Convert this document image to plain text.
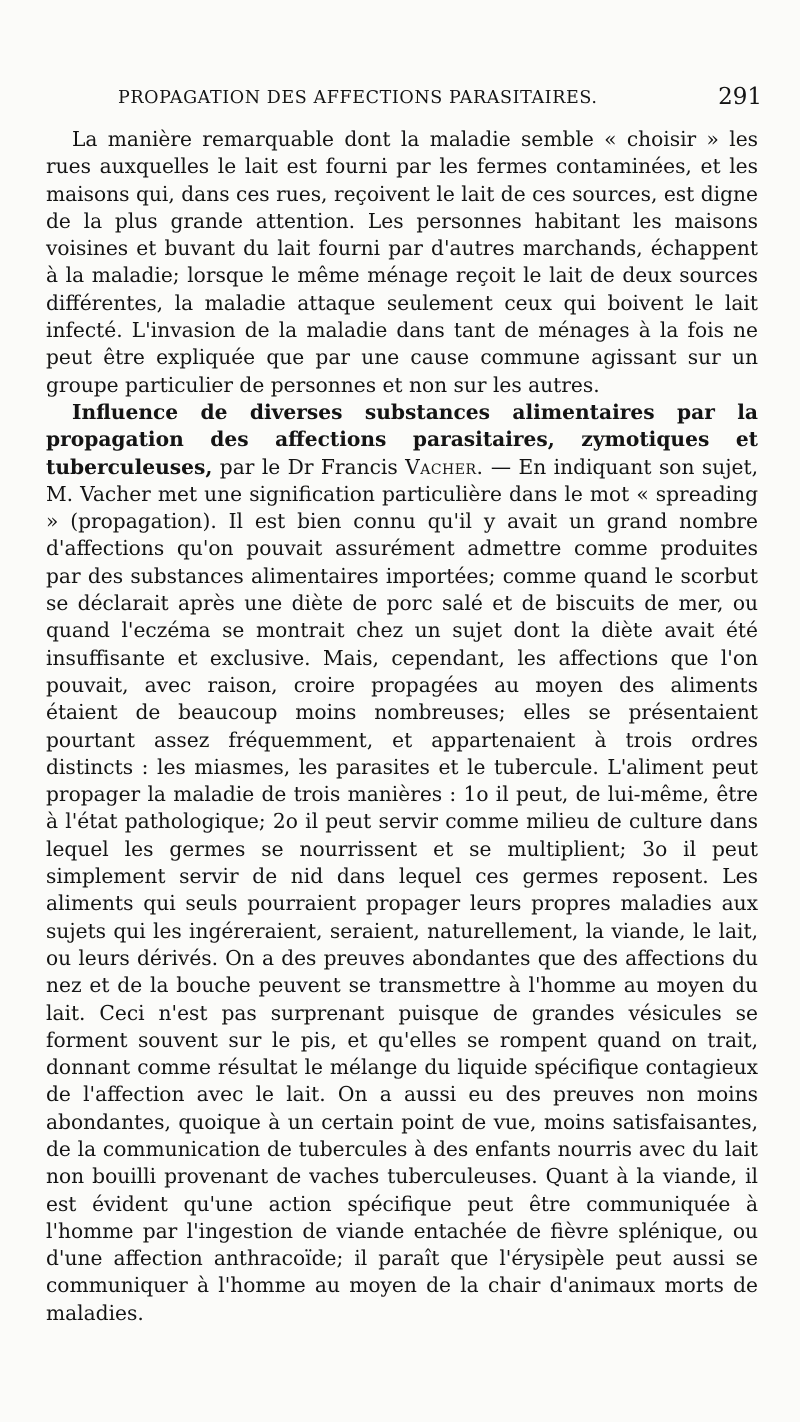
PROPAGATION DES AFFECTIONS PARASITAIRES.	291

La manière remarquable dont la maladie semble « choisir » les rues auxquelles le lait est fourni par les fermes contaminées, et les maisons qui, dans ces rues, reçoivent le lait de ces sources, est digne de la plus grande attention. Les personnes habitant les maisons voisines et buvant du lait fourni par d'autres marchands, échappent à la maladie; lorsque le même ménage reçoit le lait de deux sources différentes, la maladie attaque seulement ceux qui boivent le lait infecté. L'invasion de la maladie dans tant de ménages à la fois ne peut être expliquée que par une cause commune agissant sur un groupe particulier de personnes et non sur les autres.

Influence de diverses substances alimentaires par la propagation des affections parasitaires, zymotiques et tuberculeuses, par le Dr Francis Vacher. — En indiquant son sujet, M. Vacher met une signification particulière dans le mot « spreading » (propagation). Il est bien connu qu'il y avait un grand nombre d'affections qu'on pouvait assurément admettre comme produites par des substances alimentaires importées; comme quand le scorbut se déclarait après une diète de porc salé et de biscuits de mer, ou quand l'eczéma se montrait chez un sujet dont la diète avait été insuffisante et exclusive. Mais, cependant, les affections que l'on pouvait, avec raison, croire propagées au moyen des aliments étaient de beaucoup moins nombreuses; elles se présentaient pourtant assez fréquemment, et appartenaient à trois ordres distincts : les miasmes, les parasites et le tubercule. L'aliment peut propager la maladie de trois manières : 1o il peut, de lui-même, être à l'état pathologique; 2o il peut servir comme milieu de culture dans lequel les germes se nourrissent et se multiplient; 3o il peut simplement servir de nid dans lequel ces germes reposent. Les aliments qui seuls pourraient propager leurs propres maladies aux sujets qui les ingéreraient, seraient, naturellement, la viande, le lait, ou leurs dérivés. On a des preuves abondantes que des affections du nez et de la bouche peuvent se transmettre à l'homme au moyen du lait. Ceci n'est pas surprenant puisque de grandes vésicules se forment souvent sur le pis, et qu'elles se rompent quand on trait, donnant comme résultat le mélange du liquide spécifique contagieux de l'affection avec le lait. On a aussi eu des preuves non moins abondantes, quoique à un certain point de vue, moins satisfaisantes, de la communication de tubercules à des enfants nourris avec du lait non bouilli provenant de vaches tuberculeuses. Quant à la viande, il est évident qu'une action spécifique peut être communiquée à l'homme par l'ingestion de viande entachée de fièvre splénique, ou d'une affection anthracoïde; il paraît que l'érysipèle peut aussi se communiquer à l'homme au moyen de la chair d'animaux morts de maladies.
